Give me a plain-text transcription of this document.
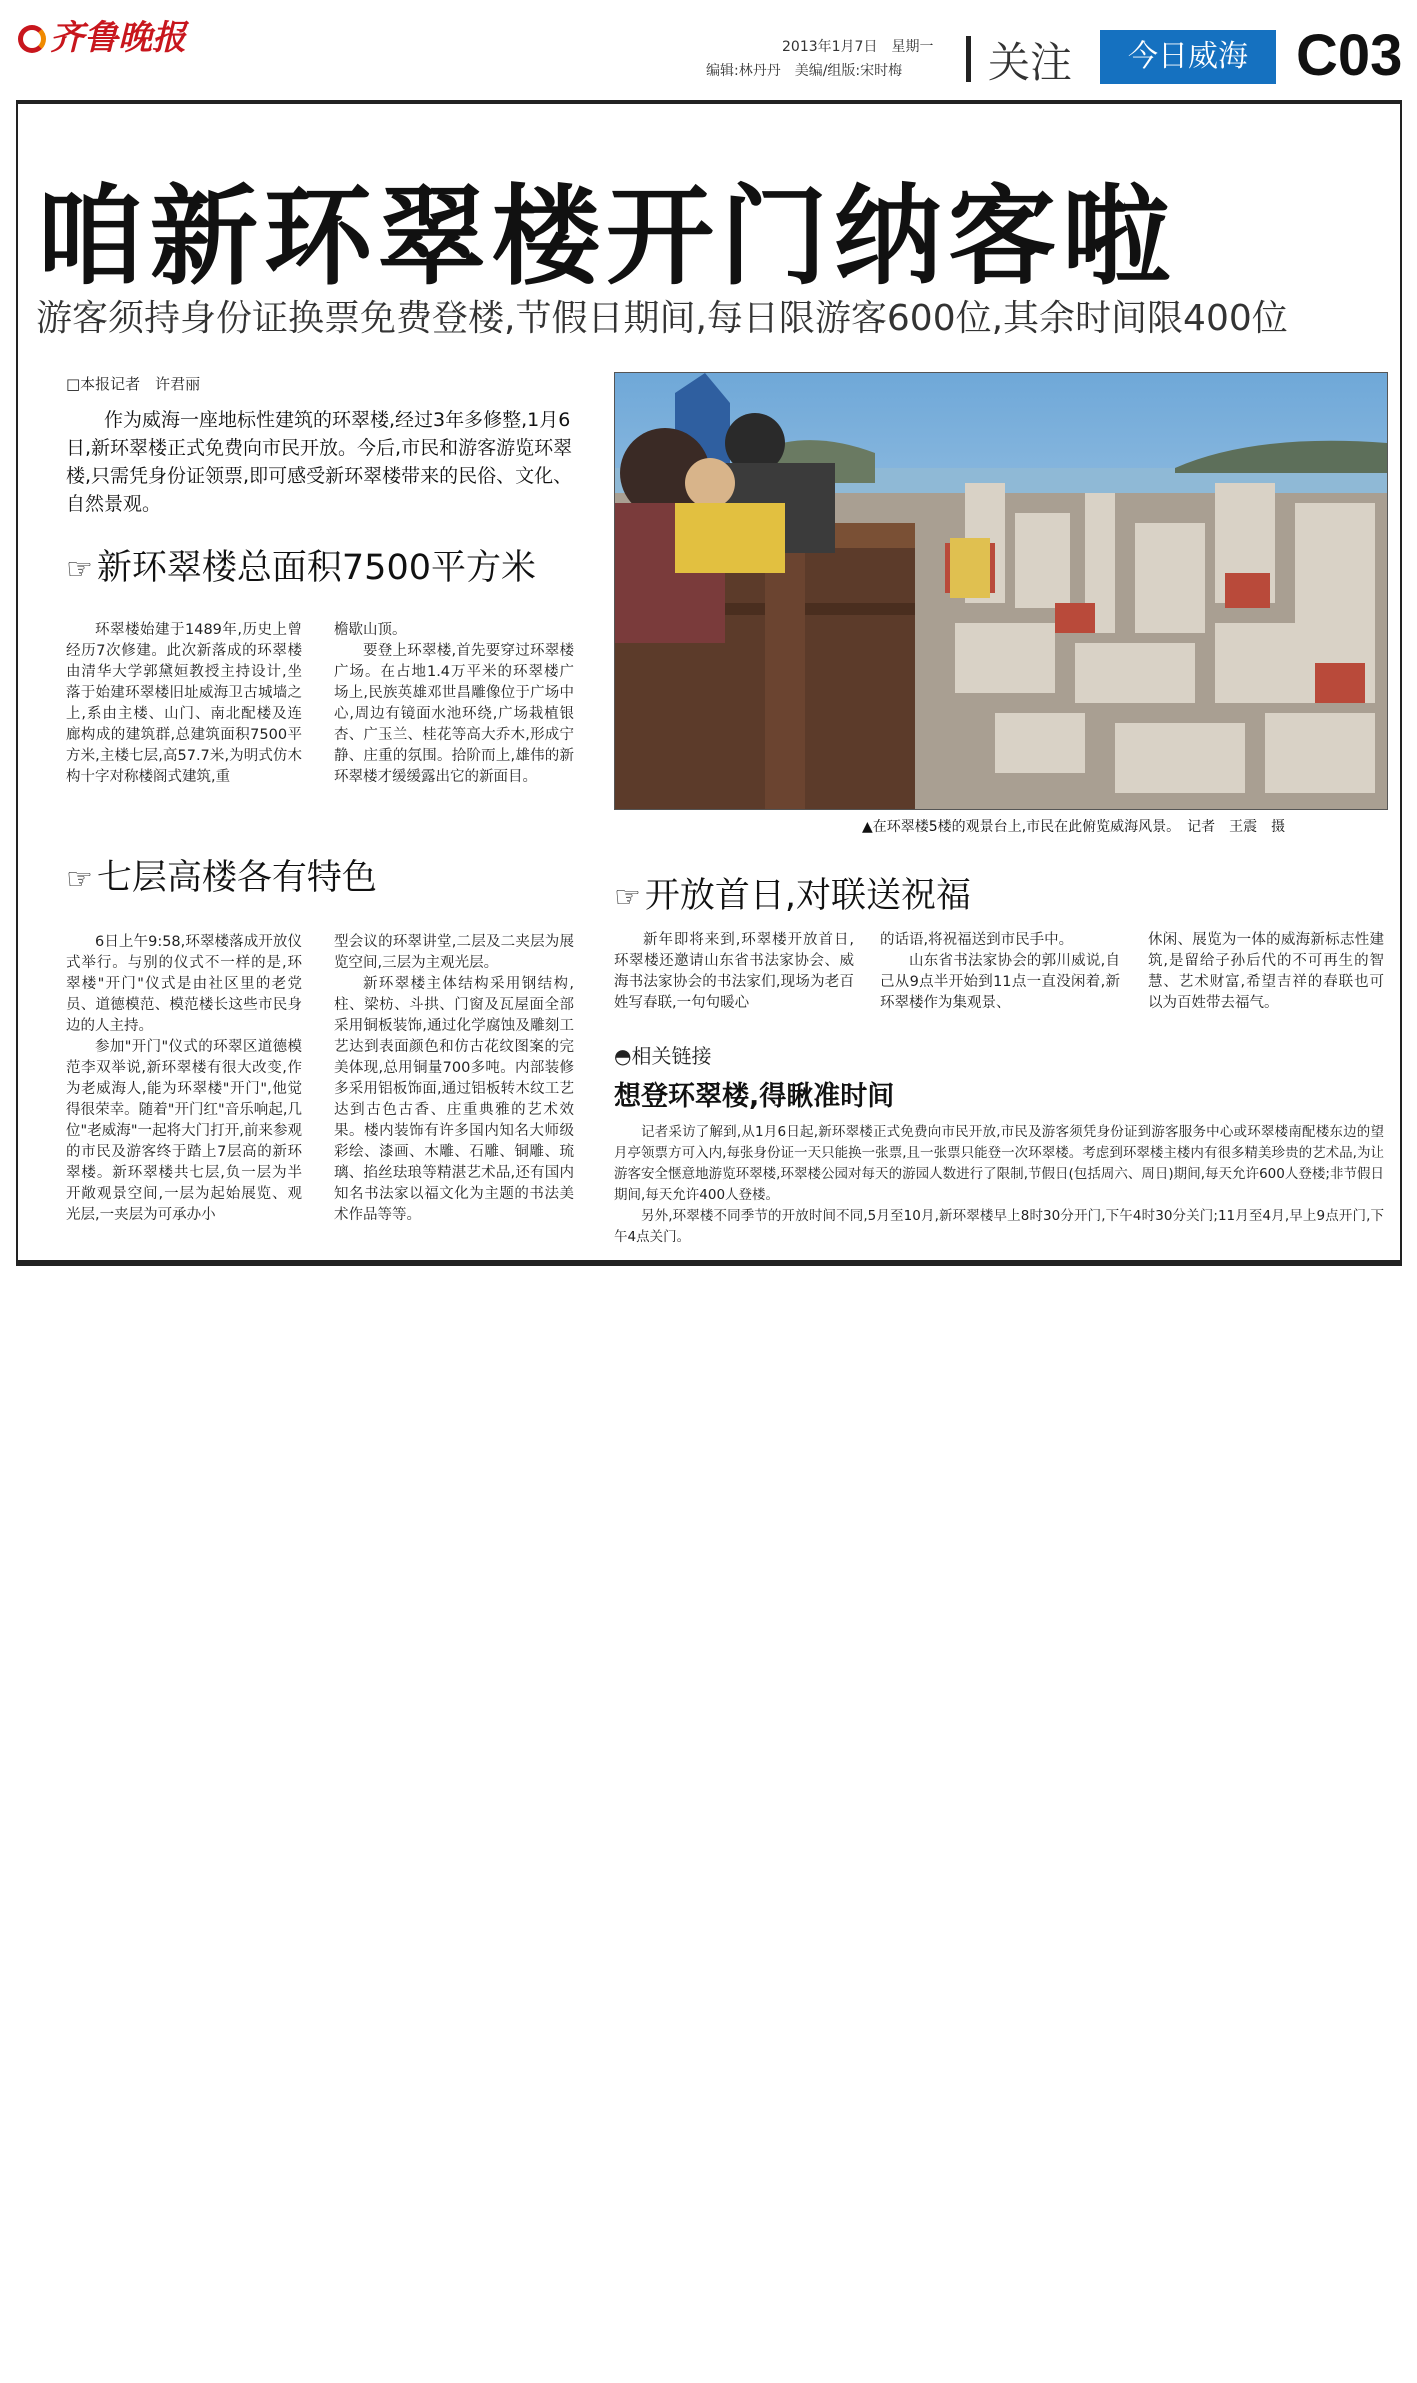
齐鲁晚报	2013年1月7日　星期一
编辑:林丹丹　美编/组版:宋时梅 关注	今日威海 C03
咱新环翠楼开门纳客啦
游客须持身份证换票免费登楼,节假日期间,每日限游客600位,其余时间限400位
□本报记者　许君丽
作为威海一座地标性建筑的环翠楼,经过3年多修整,1月6日,新环翠楼正式免费向市民开放。今后,市民和游客游览环翠楼,只需凭身份证领票,即可感受新环翠楼带来的民俗、文化、自然景观。
☞ 新环翠楼总面积7500平方米

环翠楼始建于1489年,历史上曾经历7次修建。此次新落成的环翠楼由清华大学郭黛姮教授主持设计,坐落于始建环翠楼旧址威海卫古城墙之上,系由主楼、山门、南北配楼及连廊构成的建筑群,总建筑面积7500平方米,主楼七层,高57.7米,为明式仿木构十字对称楼阁式建筑,重

檐歇山顶。

要登上环翠楼,首先要穿过环翠楼广场。在占地1.4万平米的环翠楼广场上,民族英雄邓世昌雕像位于广场中心,周边有镜面水池环绕,广场栽植银杏、广玉兰、桂花等高大乔木,形成宁静、庄重的氛围。拾阶而上,雄伟的新环翠楼才缓缓露出它的新面目。

☞ 七层高楼各有特色

6日上午9:58,环翠楼落成开放仪式举行。与别的仪式不一样的是,环翠楼"开门"仪式是由社区里的老党员、道德模范、模范楼长这些市民身边的人主持。

参加"开门"仪式的环翠区道德模范李双举说,新环翠楼有很大改变,作为老威海人,能为环翠楼"开门",他觉得很荣幸。随着"开门红"音乐响起,几位"老威海"一起将大门打开,前来参观的市民及游客终于踏上7层高的新环翠楼。新环翠楼共七层,负一层为半开敞观景空间,一层为起始展览、观光层,一夹层为可承办小

型会议的环翠讲堂,二层及二夹层为展览空间,三层为主观光层。

新环翠楼主体结构采用钢结构,柱、梁枋、斗拱、门窗及瓦屋面全部采用铜板装饰,通过化学腐蚀及雕刻工艺达到表面颜色和仿古花纹图案的完美体现,总用铜量700多吨。内部装修多采用铝板饰面,通过铝板转木纹工艺达到古色古香、庄重典雅的艺术效果。楼内装饰有许多国内知名大师级彩绘、漆画、木雕、石雕、铜雕、琉璃、掐丝珐琅等精湛艺术品,还有国内知名书法家以福文化为主题的书法美术作品等等。

▲在环翠楼5楼的观景台上,市民在此俯览威海风景。　记者　王震　摄
☞ 开放首日,对联送祝福

新年即将来到,环翠楼开放首日,环翠楼还邀请山东省书法家协会、威海书法家协会的书法家们,现场为老百姓写春联,一句句暖心

的话语,将祝福送到市民手中。

山东省书法家协会的郭川威说,自己从9点半开始到11点一直没闲着,新环翠楼作为集观景、

休闲、展览为一体的威海新标志性建筑,是留给子孙后代的不可再生的智慧、艺术财富,希望吉祥的春联也可以为百姓带去福气。

◓相关链接
想登环翠楼,得瞅准时间

记者采访了解到,从1月6日起,新环翠楼正式免费向市民开放,市民及游客须凭身份证到游客服务中心或环翠楼南配楼东边的望月亭领票方可入内,每张身份证一天只能换一张票,且一张票只能登一次环翠楼。考虑到环翠楼主楼内有很多精美珍贵的艺术品,为让游客安全惬意地游览环翠楼,环翠楼公园对每天的游园人数进行了限制,节假日(包括周六、周日)期间,每天允许600人登楼;非节假日期间,每天允许400人登楼。

另外,环翠楼不同季节的开放时间不同,5月至10月,新环翠楼早上8时30分开门,下午4时30分关门;11月至4月,早上9点开门,下午4点关门。
